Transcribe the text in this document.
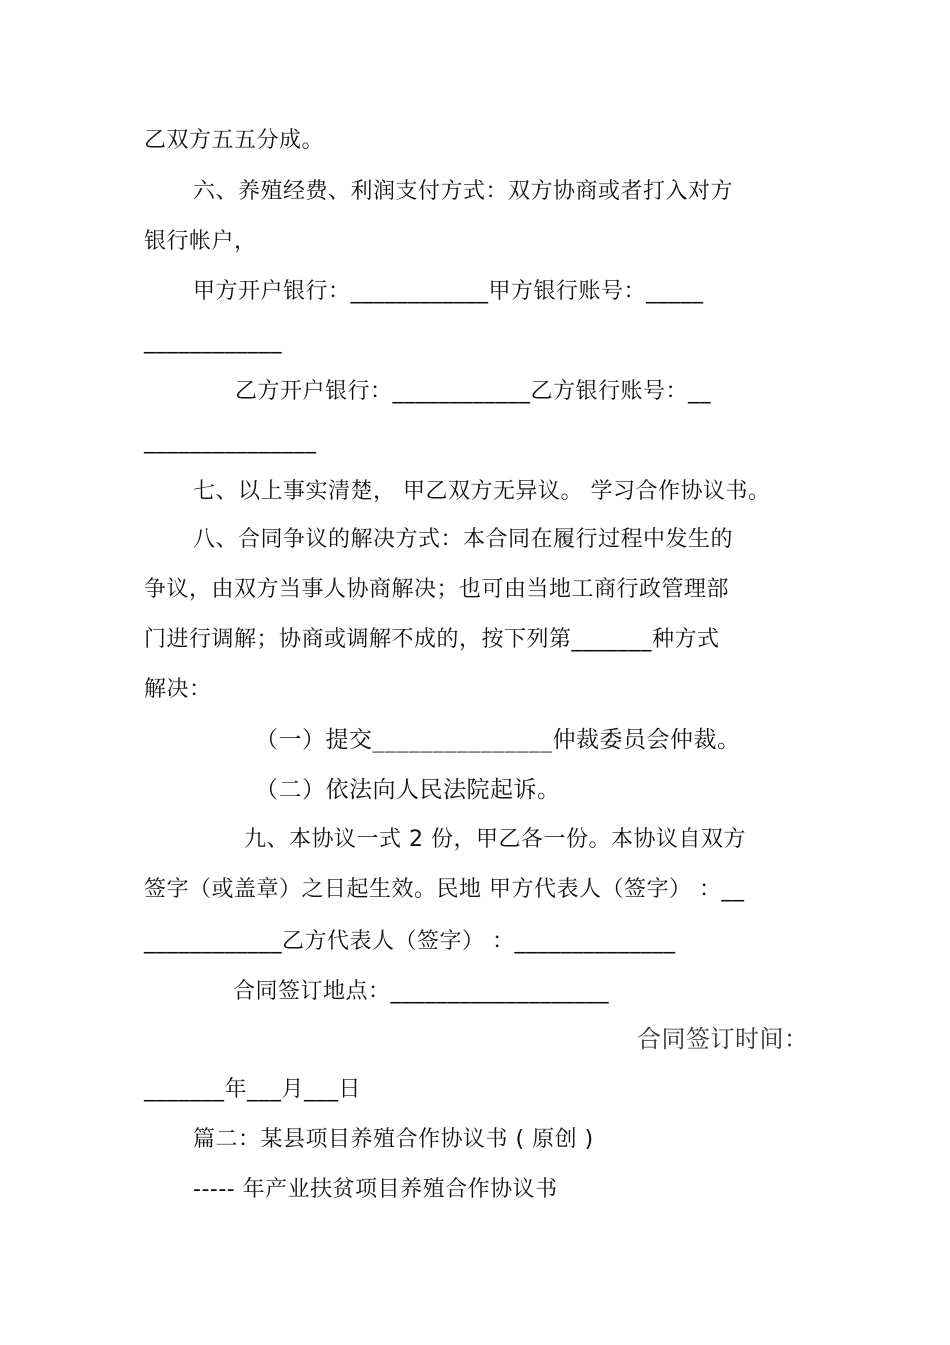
乙双方五五分成。
六、养殖经费、利润支付方式：双方协商或者打入对方
银行帐户，
甲方开户银行：____________甲方银行账号：_____
____________
乙方开户银行：____________乙方银行账号：__
_______________
七、以上事实清楚， 甲乙双方无异议。 学习合作协议书。
八、合同争议的解决方式：本合同在履行过程中发生的
争议，由双方当事人协商解决；也可由当地工商行政管理部
门进行调解；协商或调解不成的，按下列第_______种方式
解决：
（一）提交_______________仲裁委员会仲裁。
（二）依法向人民法院起诉。
九、本协议一式 2 份，甲乙各一份。本协议自双方
签字（或盖章）之日起生效。民地 甲方代表人（签字） ：__
____________乙方代表人（签字） ：______________
合同签订地点：___________________
合同签订时间：
_______年___月___日
篇二：某县项目养殖合作协议书 ( 原创 )
----- 年产业扶贫项目养殖合作协议书
